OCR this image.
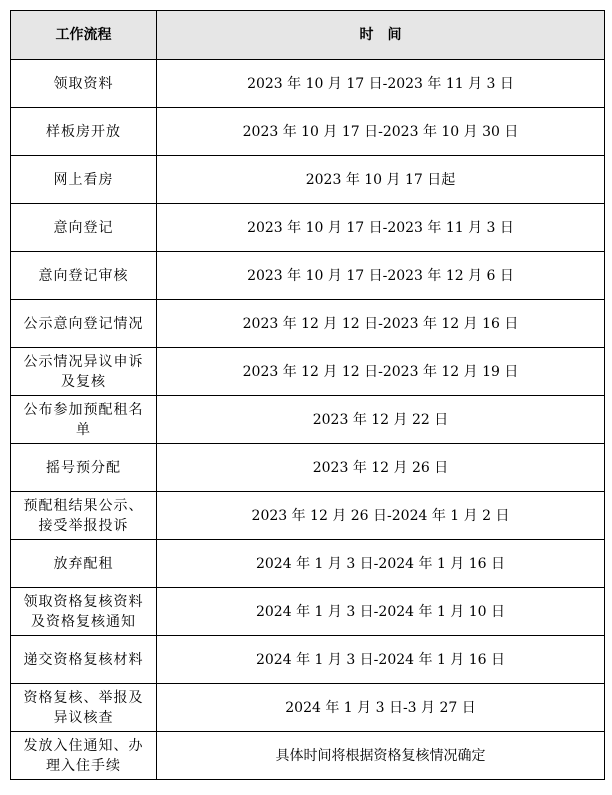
工作流程	时　间
领取资料	2023 年 10 月 17 日-2023 年 11 月 3 日
样板房开放	2023 年 10 月 17 日-2023 年 10 月 30 日
网上看房	2023 年 10 月 17 日起
意向登记	2023 年 10 月 17 日-2023 年 11 月 3 日
意向登记审核	2023 年 10 月 17 日-2023 年 12 月 6 日
公示意向登记情况	2023 年 12 月 12 日-2023 年 12 月 16 日
公示情况异议申诉及复核	2023 年 12 月 12 日-2023 年 12 月 19 日
公布参加预配租名单	2023 年 12 月 22 日
摇号预分配	2023 年 12 月 26 日
预配租结果公示、接受举报投诉	2023 年 12 月 26 日-2024 年 1 月 2 日
放弃配租	2024 年 1 月 3 日-2024 年 1 月 16 日
领取资格复核资料及资格复核通知	2024 年 1 月 3 日-2024 年 1 月 10 日
递交资格复核材料	2024 年 1 月 3 日-2024 年 1 月 16 日
资格复核、举报及异议核查	2024 年 1 月 3 日-3 月 27 日
发放入住通知、办理入住手续	具体时间将根据资格复核情况确定
